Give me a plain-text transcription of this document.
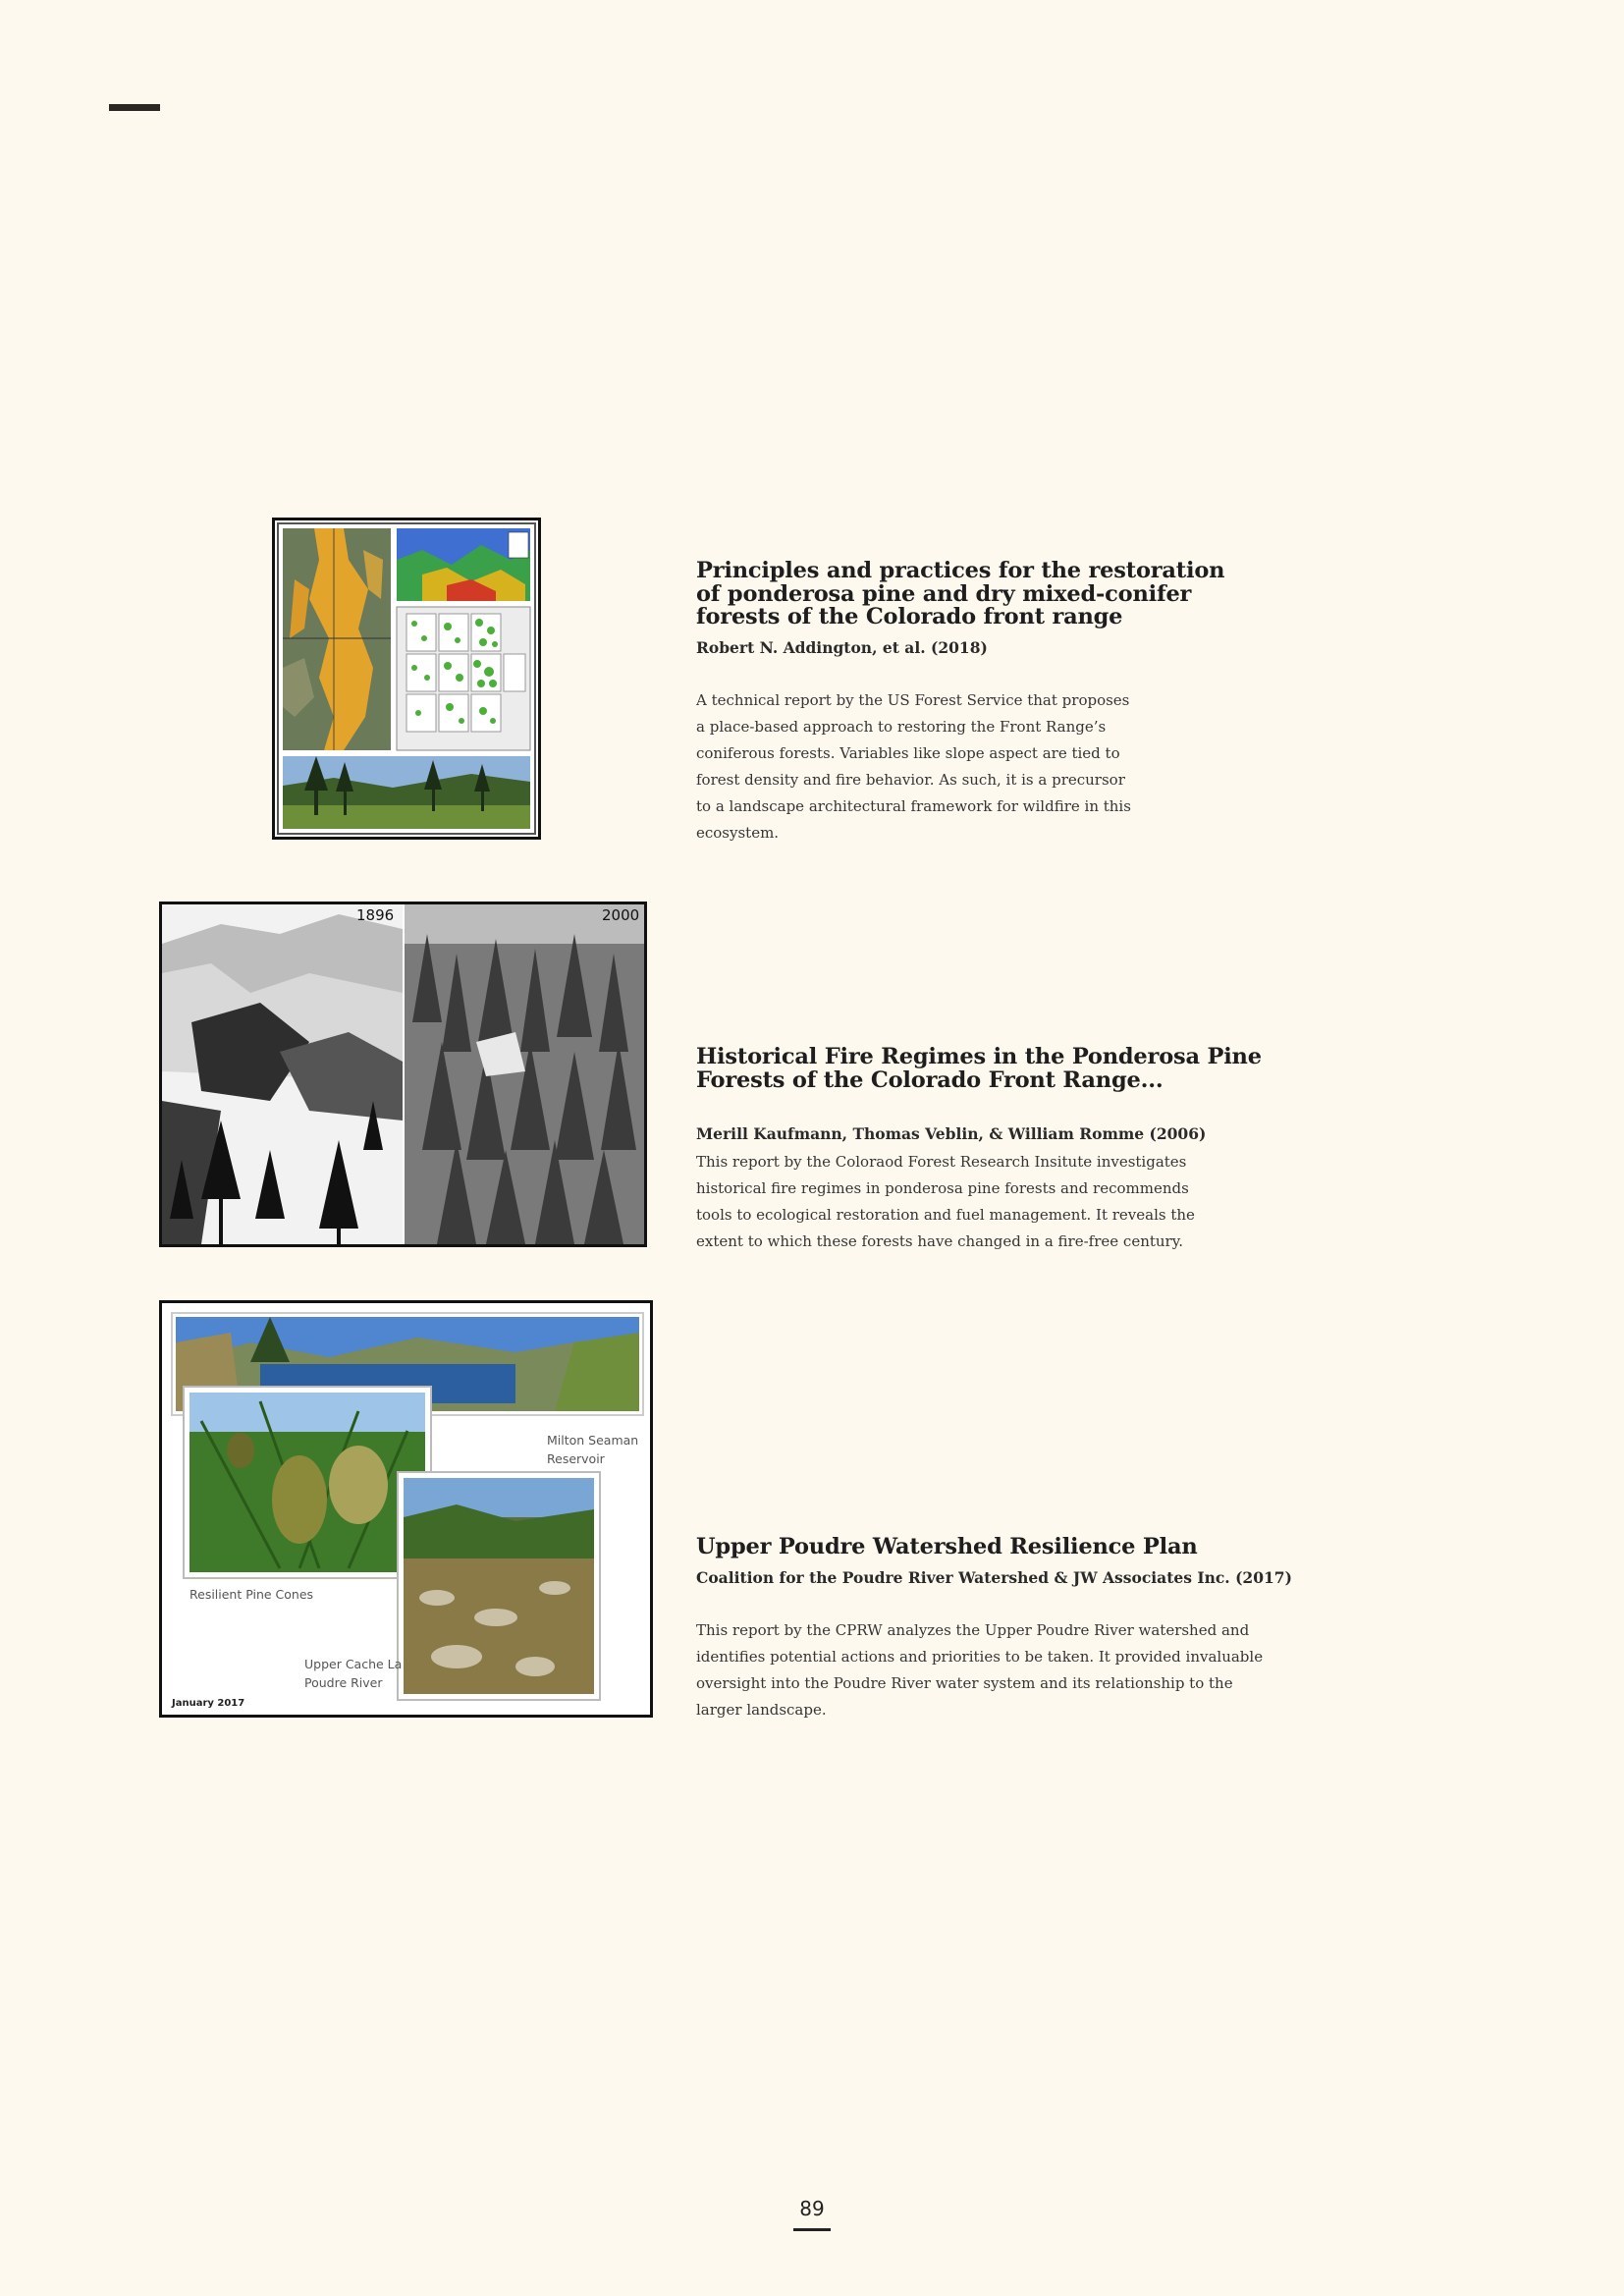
Principles and practices for the restoration
of ponderosa pine and dry mixed-conifer
forests of the Colorado front range

Robert N. Addington, et al. (2018)

A technical report by the US Forest Service that proposes
a place-based approach to restoring the Front Range’s
coniferous forests. Variables like slope aspect are tied to
forest density and fire behavior. As such, it is a precursor
to a landscape architectural framework for wildfire in this
ecosystem.

1896	2000
Historical Fire Regimes in the Ponderosa Pine
Forests of the Colorado Front Range...

Merill Kaufmann, Thomas Veblin, & William Romme (2006)

This report by the Coloraod Forest Research Insitute investigates
historical fire regimes in ponderosa pine forests and recommends
tools to ecological restoration and fuel management. It reveals the
extent to which these forests have changed in a fire-free century.

Milton Seaman
Reservoir
Resilient Pine Cones
Upper Cache La
Poudre River
January 2017
Upper Poudre Watershed Resilience Plan

Coalition for the Poudre River Watershed & JW Associates Inc. (2017)

This report by the CPRW analyzes the Upper Poudre River watershed and
identifies potential actions and priorities to be taken. It provided invaluable
oversight into the Poudre River water system and its relationship to the
larger landscape.

89
